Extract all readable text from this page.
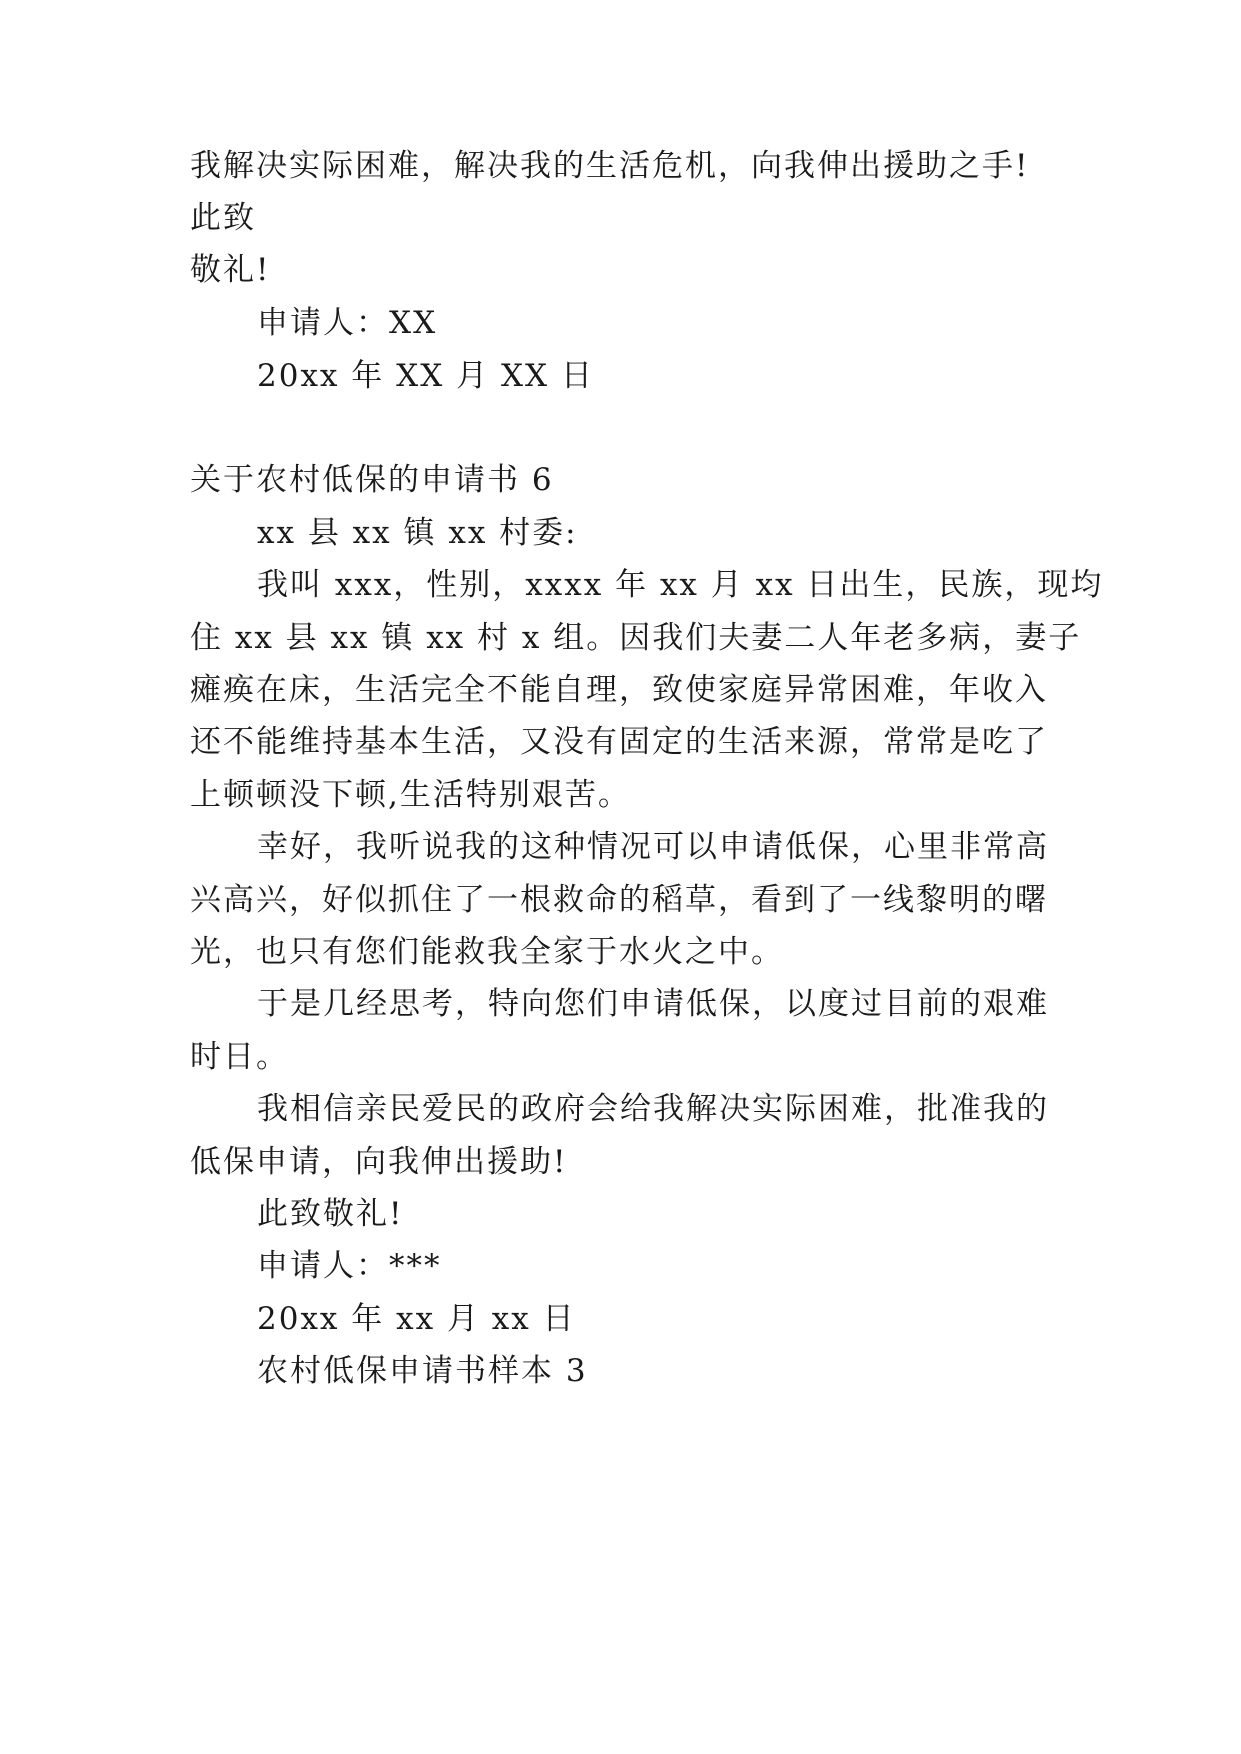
我解决实际困难，解决我的生活危机，向我伸出援助之手!
此致
敬礼!
申请人：XX
20xx 年 XX 月 XX 日
关于农村低保的申请书 6
xx 县 xx 镇 xx 村委:
我叫 xxx，性别，xxxx 年 xx 月 xx 日出生，民族，现均
住 xx 县 xx 镇 xx 村 x 组。因我们夫妻二人年老多病，妻子
瘫痪在床，生活完全不能自理，致使家庭异常困难，年收入
还不能维持基本生活，又没有固定的生活来源，常常是吃了
上顿顿没下顿,生活特别艰苦。
幸好，我听说我的这种情况可以申请低保，心里非常高
兴高兴，好似抓住了一根救命的稻草，看到了一线黎明的曙
光，也只有您们能救我全家于水火之中。
于是几经思考，特向您们申请低保，以度过目前的艰难
时日。
我相信亲民爱民的政府会给我解决实际困难，批准我的
低保申请，向我伸出援助!
此致敬礼!
申请人：***
20xx 年 xx 月 xx 日
农村低保申请书样本 3
